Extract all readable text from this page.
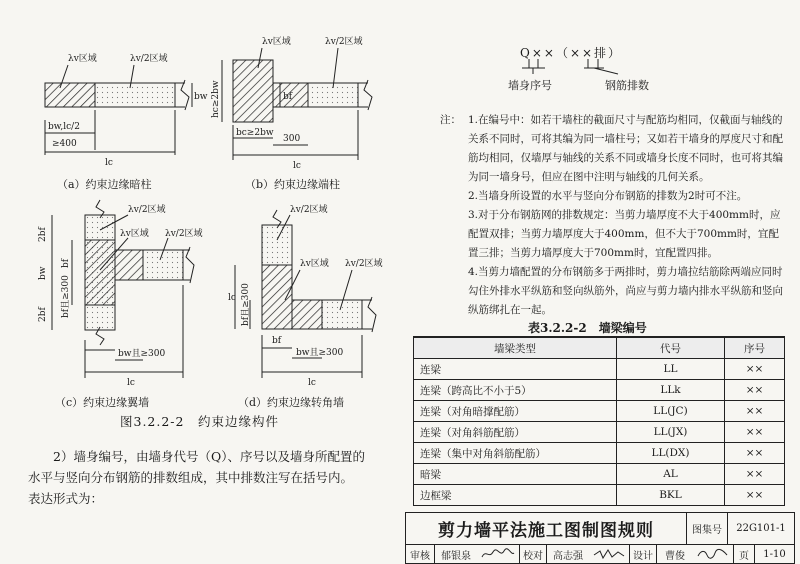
λv区域	λv/2区域
bw,lc/2
≥400
lc
bw
λv区域	λv/2区域
hc≥2bw	bf
bc≥2bw
300
lc
λv/2区域
λv区域 λv/2区域
2bf
bf
bw
bf且≥300
2bf
bw且≥300
lc
λv/2区域
λv区域 λv/2区域
lc bf且≥300
bf
bw且≥300
lc
（a）约束边缘暗柱	（b）约束边缘端柱
（c）约束边缘翼墙	（d）约束边缘转角墙
图3.2.2-2　约束边缘构件

2）墙身编号，由墙身代号（Q）、序号以及墙身所配置的

水平与竖向分布钢筋的排数组成，其中排数注写在括号内。

表达形式为：

Q××（××排）
墙身序号	钢筋排数
注： 1.在编号中：如若干墙柱的截面尺寸与配筋均相同，仅截面与轴线的关系不同时，可将其编为同一墙柱号；又如若干墙身的厚度尺寸和配筋均相同，仅墙厚与轴线的关系不同或墙身长度不同时，也可将其编为同一墙身号，但应在图中注明与轴线的几何关系。
2.当墙身所设置的水平与竖向分布钢筋的排数为2时可不注。
3.对于分布钢筋网的排数规定：当剪力墙厚度不大于400mm时，应配置双排；当剪力墙厚度大于400mm，但不大于700mm时，宜配置三排；当剪力墙厚度大于700mm时，宜配置四排。
4.当剪力墙配置的分布钢筋多于两排时，剪力墙拉结筋除两端应同时勾住外排水平纵筋和竖向纵筋外，尚应与剪力墙内排水平纵筋和竖向纵筋绑扎在一起。
表3.2.2-2　墙梁编号
墙梁类型	代号	序号
连梁	LL	××
连梁（跨高比不小于5）	LLk	××
连梁（对角暗撑配筋）	LL(JC)	××
连梁（对角斜筋配筋）	LL(JX)	××
连梁（集中对角斜筋配筋）	LL(DX)	××
暗梁	AL	××
边框梁	BKL	××
剪力墙平法施工图制图规则	图集号	22G101-1
审核	郁银泉	校对	高志强	设计	曹俊	页	1-10
